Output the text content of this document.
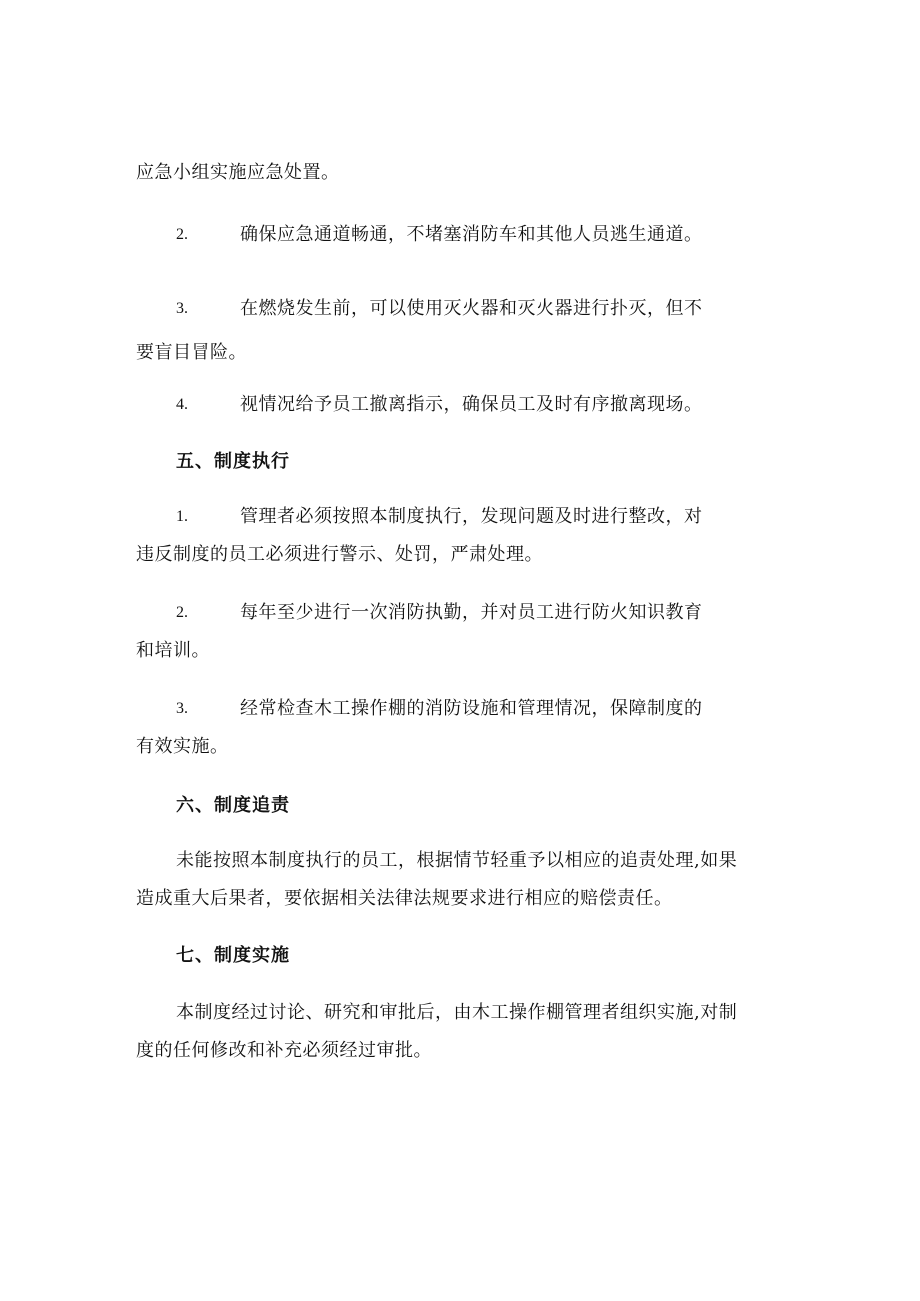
应急小组实施应急处置。
2.	确保应急通道畅通，不堵塞消防车和其他人员逃生通道。
3.	在燃烧发生前，可以使用灭火器和灭火器进行扑灭，但不
要盲目冒险。
4.	视情况给予员工撤离指示，确保员工及时有序撤离现场。
五、制度执行
1.	管理者必须按照本制度执行，发现问题及时进行整改，对
违反制度的员工必须进行警示、处罚，严肃处理。
2.	每年至少进行一次消防执勤，并对员工进行防火知识教育
和培训。
3.	经常检查木工操作棚的消防设施和管理情况，保障制度的
有效实施。
六、制度追责
未能按照本制度执行的员工，根据情节轻重予以相应的追责处理,如果
造成重大后果者，要依据相关法律法规要求进行相应的赔偿责任。
七、制度实施
本制度经过讨论、研究和审批后，由木工操作棚管理者组织实施,对制
度的任何修改和补充必须经过审批。
